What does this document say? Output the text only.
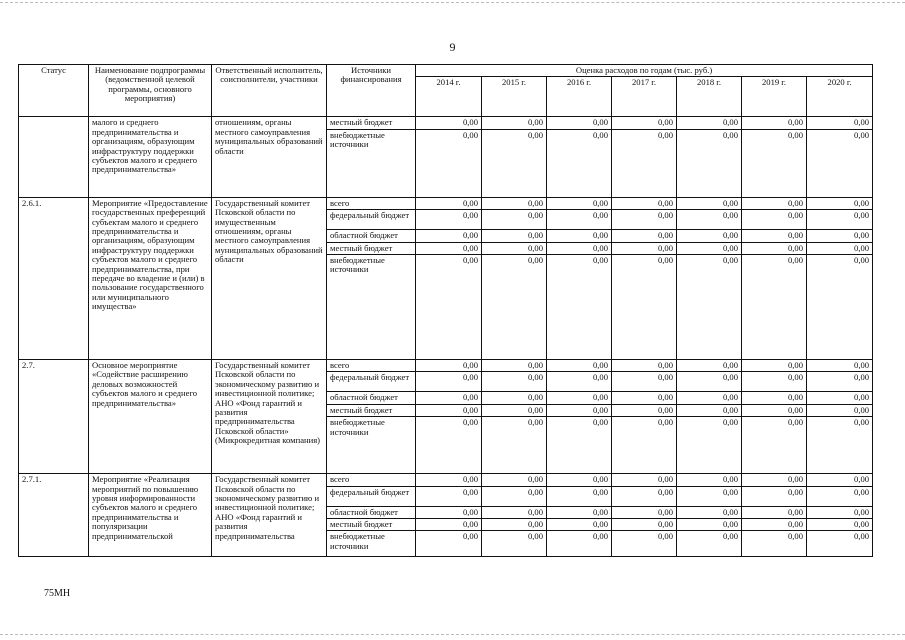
9
Статус	Наименование подпрограммы (ведомственной целевой программы, основного мероприятия)	Ответственный исполнитель, соисполнители, участники	Источники финансирования	Оценка расходов по годам (тыс. руб.)						
				2014 г.	2015 г.	2016 г.	2017 г.	2018 г.	2019 г.	2020 г.
	малого и среднего предпринимательства и организациям, образующим инфраструктуру поддержки субъектов малого и среднего предпринимательства»	отношениям, органы местного самоуправления муниципальных образований области	местный бюджет	0,00	0,00	0,00	0,00	0,00	0,00	0,00
			внебюджетные источники	0,00	0,00	0,00	0,00	0,00	0,00	0,00
2.6.1.	Мероприятие «Предоставление государственных преференций субъектам малого и среднего предпринимательства и организациям, образующим инфраструктуру поддержки субъектов малого и среднего предпринимательства, при передаче во владение и (или) в пользование государственного или муниципального имущества»	Государственный комитет Псковской области по имущественным отношениям, органы местного самоуправления муниципальных образований области	всего	0,00	0,00	0,00	0,00	0,00	0,00	0,00
			федеральный бюджет	0,00	0,00	0,00	0,00	0,00	0,00	0,00
			областной бюджет	0,00	0,00	0,00	0,00	0,00	0,00	0,00
			местный бюджет	0,00	0,00	0,00	0,00	0,00	0,00	0,00
			внебюджетные источники	0,00	0,00	0,00	0,00	0,00	0,00	0,00
2.7.	Основное мероприятие «Содействие расширению деловых возможностей субъектов малого и среднего предпринимательства»	Государственный комитет Псковской области по экономическому развитию и инвестиционной политике; АНО «Фонд гарантий и развития предпринимательства Псковской области» (Микрокредитная компания)	всего	0,00	0,00	0,00	0,00	0,00	0,00	0,00
			федеральный бюджет	0,00	0,00	0,00	0,00	0,00	0,00	0,00
			областной бюджет	0,00	0,00	0,00	0,00	0,00	0,00	0,00
			местный бюджет	0,00	0,00	0,00	0,00	0,00	0,00	0,00
			внебюджетные источники	0,00	0,00	0,00	0,00	0,00	0,00	0,00
2.7.1.	Мероприятие «Реализация мероприятий по повышению уровня информированности субъектов малого и среднего предпринимательства и популяризации предпринимательской	Государственный комитет Псковской области по экономическому развитию и инвестиционной политике; АНО «Фонд гарантий и развития предпринимательства	всего	0,00	0,00	0,00	0,00	0,00	0,00	0,00
			федеральный бюджет	0,00	0,00	0,00	0,00	0,00	0,00	0,00
			областной бюджет	0,00	0,00	0,00	0,00	0,00	0,00	0,00
			местный бюджет	0,00	0,00	0,00	0,00	0,00	0,00	0,00
			внебюджетные источники	0,00	0,00	0,00	0,00	0,00	0,00	0,00
75МН
